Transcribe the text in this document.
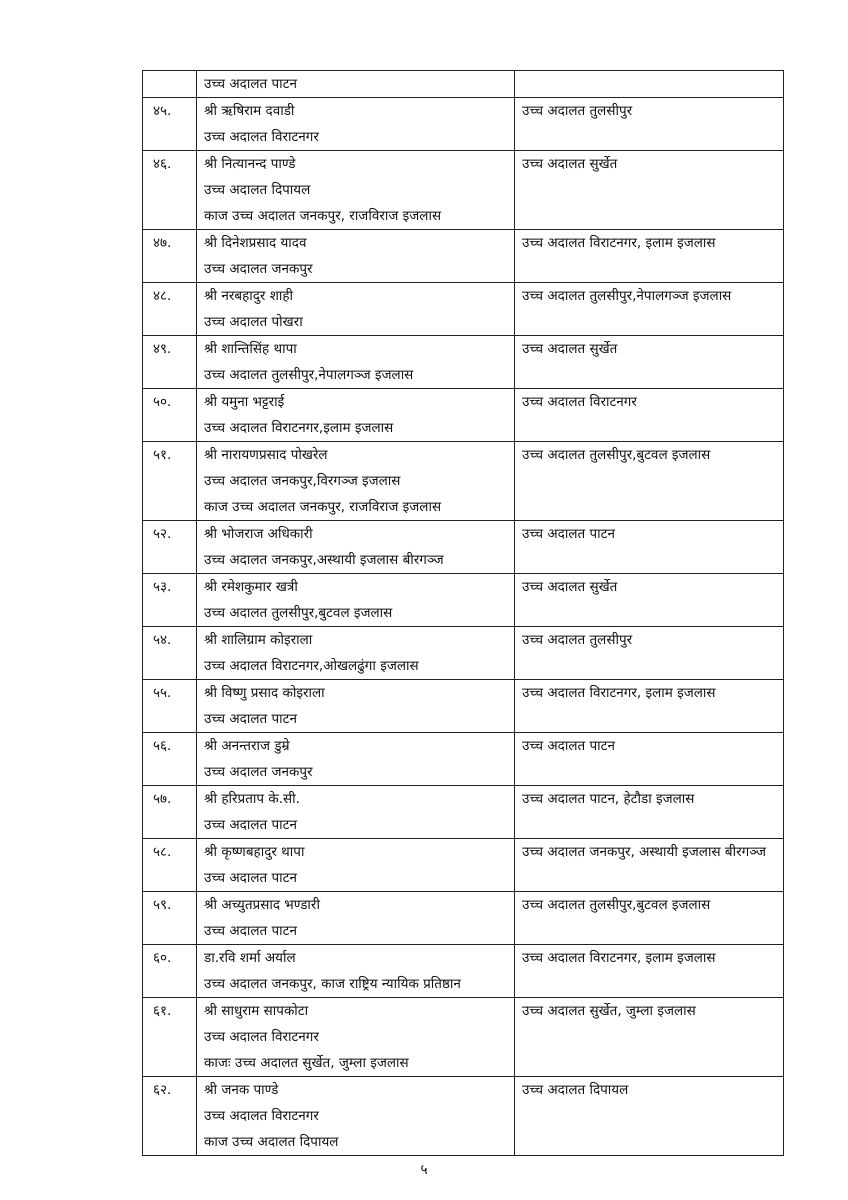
	उच्च अदालत पाटन	

४५.	श्री ऋषिराम दवाडी
उच्च अदालत विराटनगर	उच्च अदालत तुलसीपुर

४६.	श्री नित्यानन्द पाण्डे
उच्च अदालत दिपायल
काज उच्च अदालत जनकपुर, राजविराज इजलास	उच्च अदालत सुर्खेत

४७.	श्री दिनेशप्रसाद यादव
उच्च अदालत जनकपुर	उच्च अदालत विराटनगर, इलाम इजलास

४८.	श्री नरबहादुर शाही
उच्च अदालत पोखरा	उच्च अदालत तुलसीपुर,नेपालगञ्ज इजलास

४९.	श्री शान्तिसिंह थापा
उच्च अदालत तुलसीपुर,नेपालगञ्ज इजलास	उच्च अदालत सुर्खेत

५०.	श्री यमुना भट्टराई
उच्च अदालत विराटनगर,इलाम इजलास	उच्च अदालत विराटनगर

५१.	श्री नारायणप्रसाद पोखरेल
उच्च अदालत जनकपुर,विरगञ्ज इजलास
काज उच्च अदालत जनकपुर, राजविराज इजलास	उच्च अदालत तुलसीपुर,बुटवल इजलास

५२.	श्री भोजराज अधिकारी
उच्च अदालत जनकपुर,अस्थायी इजलास बीरगञ्ज	उच्च अदालत पाटन

५३.	श्री रमेशकुमार खत्री
उच्च अदालत तुलसीपुर,बुटवल इजलास	उच्च अदालत सुर्खेत

५४.	श्री शालिग्राम कोइराला
उच्च अदालत विराटनगर,ओखलढुंगा इजलास	उच्च अदालत तुलसीपुर

५५.	श्री विष्णु प्रसाद कोइराला
उच्च अदालत पाटन	उच्च अदालत विराटनगर, इलाम इजलास

५६.	श्री अनन्तराज डुम्रे
उच्च अदालत जनकपुर	उच्च अदालत पाटन

५७.	श्री हरिप्रताप के.सी.
उच्च अदालत पाटन	उच्च अदालत पाटन, हेटौडा इजलास

५८.	श्री कृष्णबहादुर थापा
उच्च अदालत पाटन	उच्च अदालत जनकपुर, अस्थायी इजलास बीरगञ्ज

५९.	श्री अच्युतप्रसाद भण्डारी
उच्च अदालत पाटन	उच्च अदालत तुलसीपुर,बुटवल इजलास

६०.	डा.रवि शर्मा अर्याल
उच्च अदालत जनकपुर, काज राष्ट्रिय न्यायिक प्रतिष्ठान	उच्च अदालत विराटनगर, इलाम इजलास

६१.	श्री साधुराम सापकोटा
उच्च अदालत विराटनगर
काजः उच्च अदालत सुर्खेत, जुम्ला इजलास	उच्च अदालत सुर्खेत, जुम्ला इजलास

६२.	श्री जनक पाण्डे
उच्च अदालत विराटनगर
काज उच्च अदालत दिपायल	उच्च अदालत दिपायल
५
